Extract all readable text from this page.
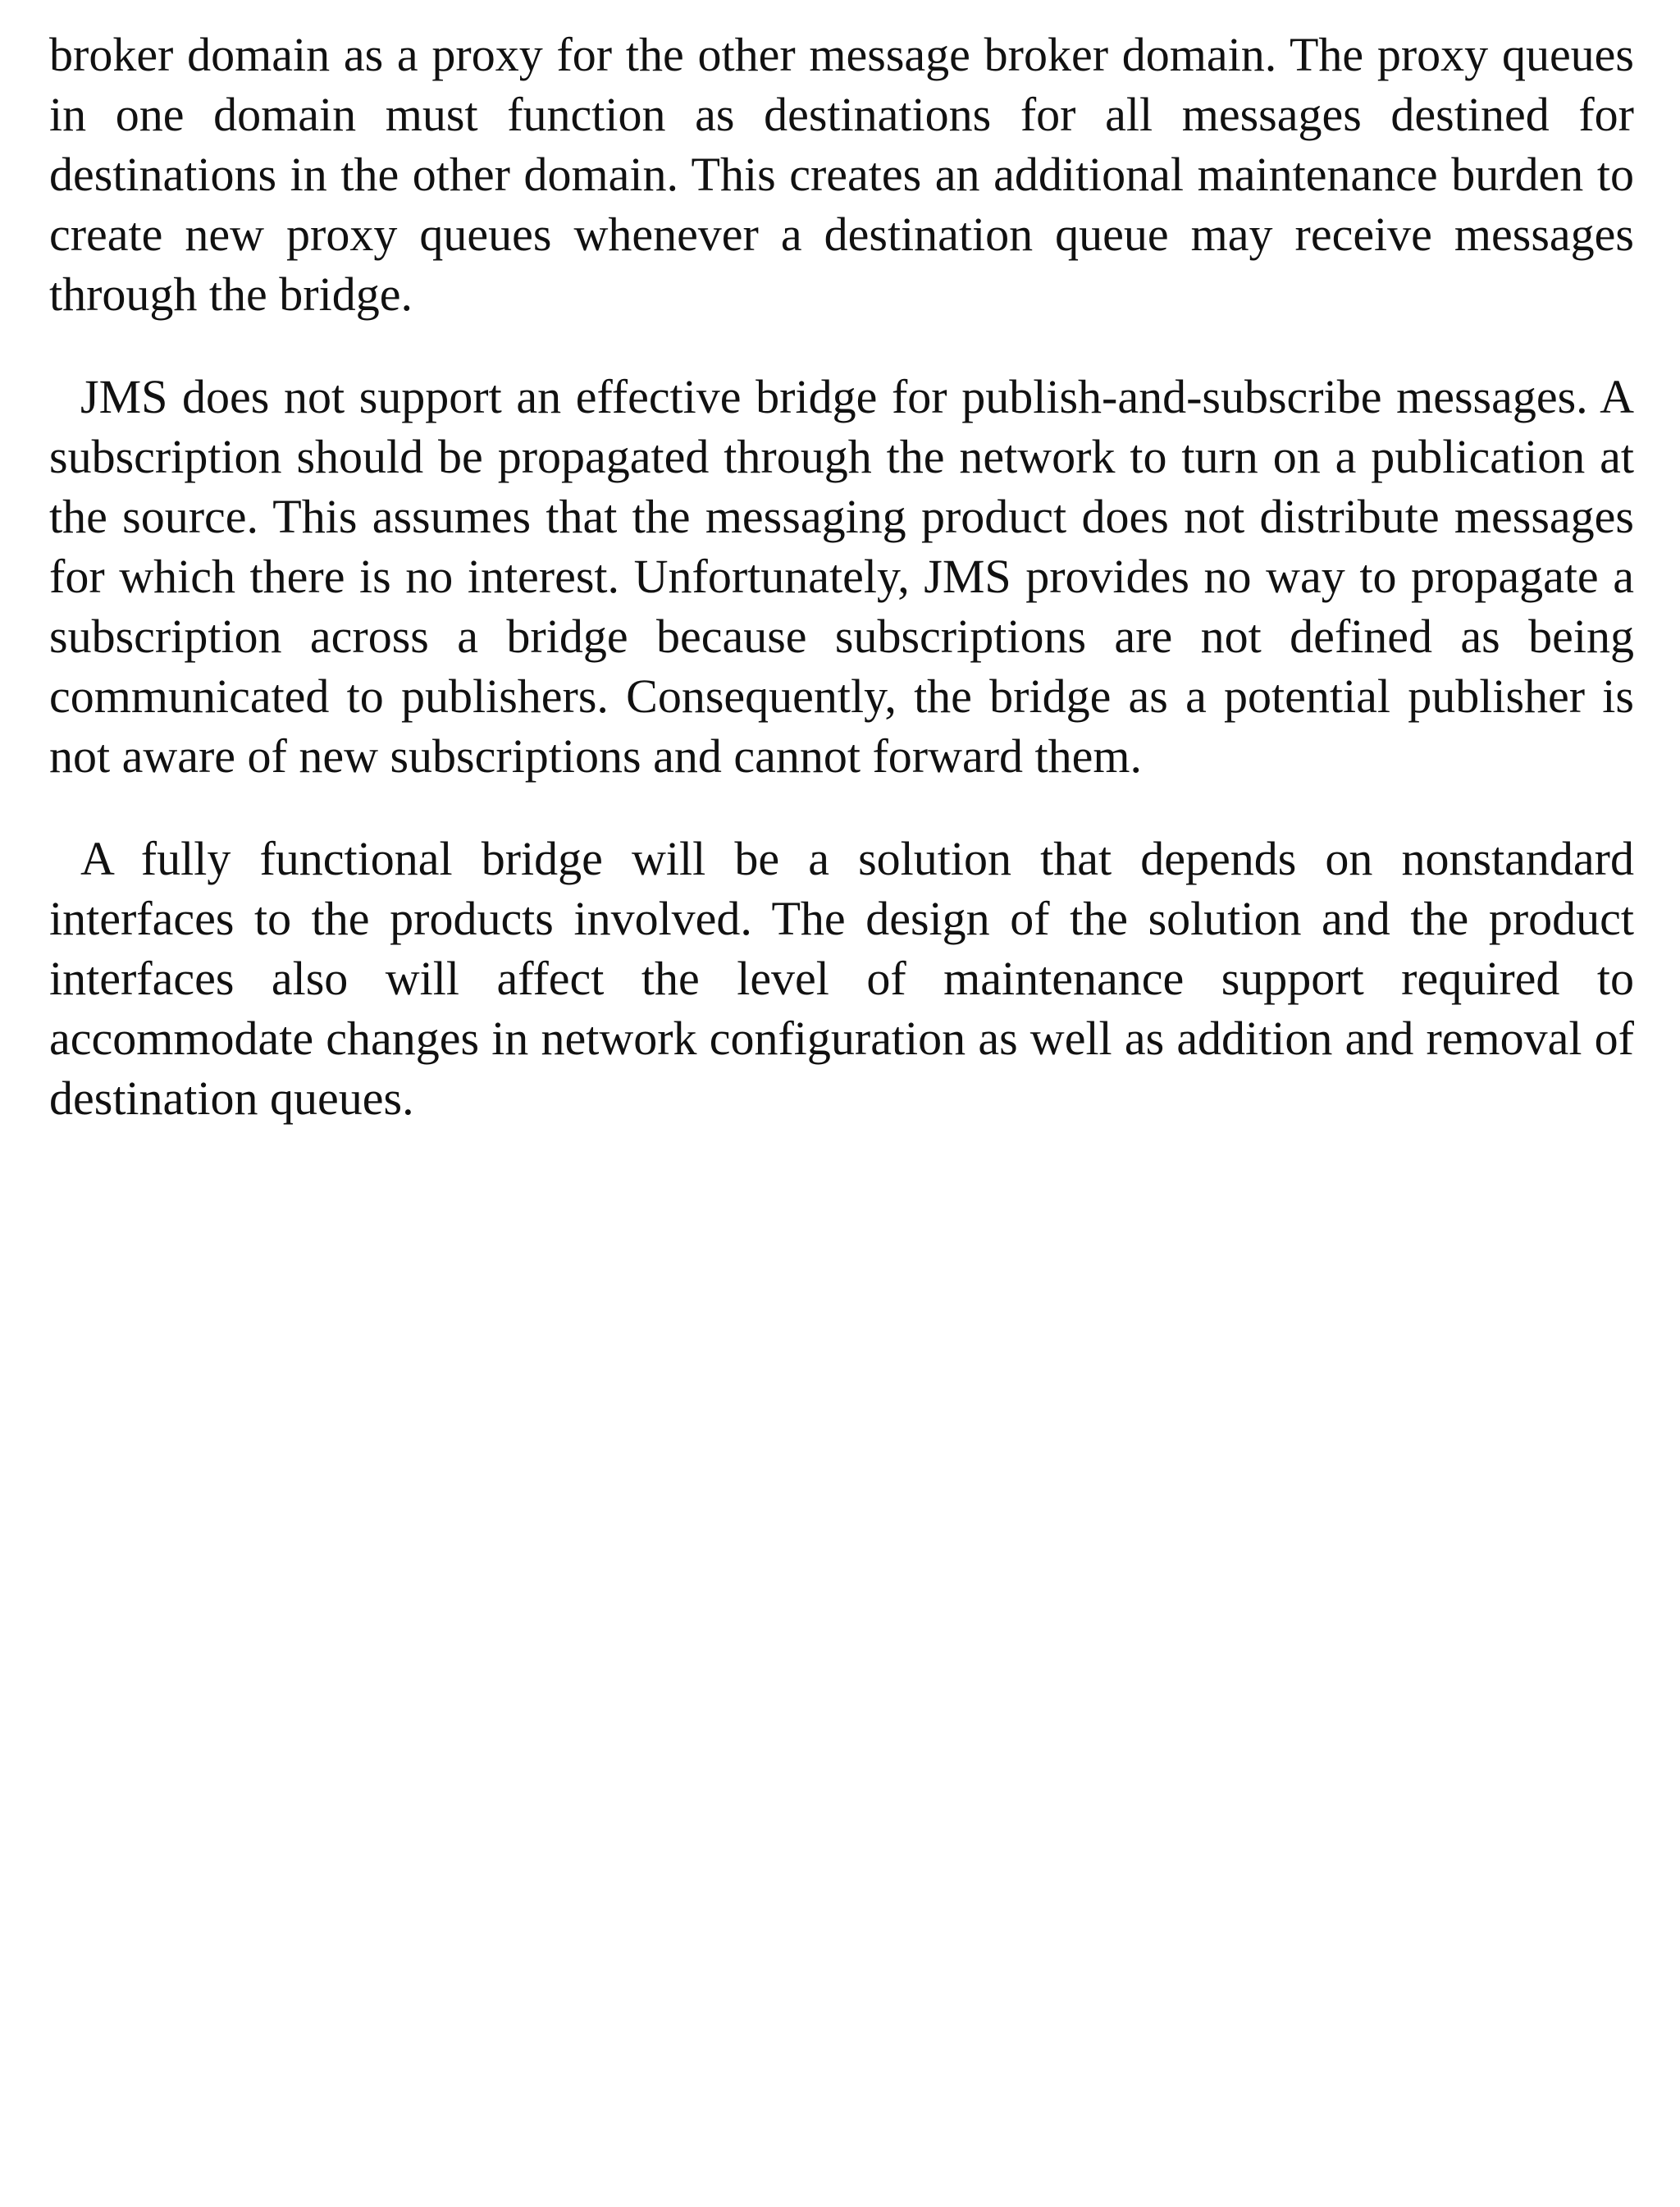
broker domain as a proxy for the other message broker domain. The proxy queues in one domain must function as destinations for all messages destined for destinations in the other domain. This creates an additional maintenance burden to create new proxy queues whenever a destination queue may receive messages through the bridge.

JMS does not support an effective bridge for publish-and-subscribe messages. A subscription should be propagated through the network to turn on a publication at the source. This assumes that the messaging product does not distribute messages for which there is no interest. Unfortunately, JMS provides no way to propagate a subscription across a bridge because subscriptions are not defined as being communicated to publishers. Consequently, the bridge as a potential publisher is not aware of new subscriptions and cannot forward them.

A fully functional bridge will be a solution that depends on nonstandard interfaces to the products involved. The design of the solution and the product interfaces also will affect the level of maintenance support required to accommodate changes in network configuration as well as addition and removal of destination queues.
